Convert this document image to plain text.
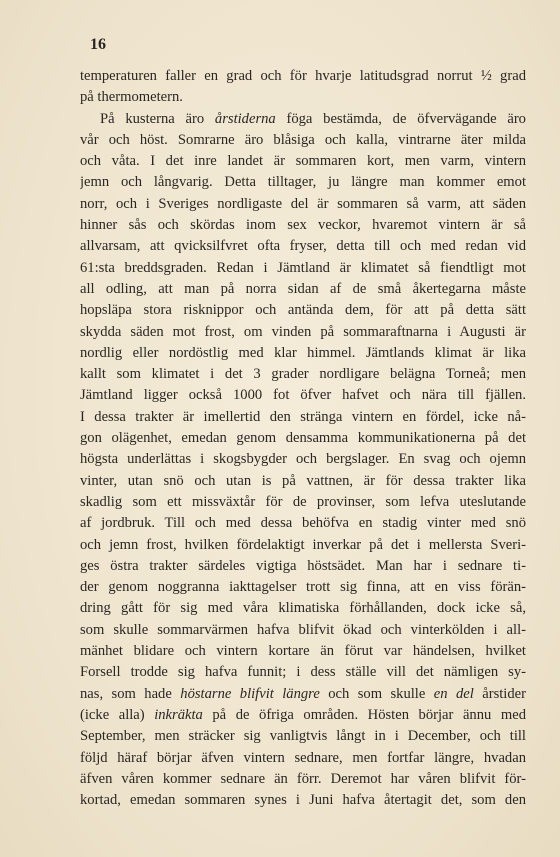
16
temperaturen faller en grad och för hvarje latitudsgrad norrut ½ grad
på thermometern.
På kusterna äro årstiderna föga bestämda, de öfvervägande äro
vår och höst. Somrarne äro blåsiga och kalla, vintrarne äter milda
och våta. I det inre landet är sommaren kort, men varm, vintern
jemn och långvarig. Detta tilltager, ju längre man kommer emot
norr, och i Sveriges nordligaste del är sommaren så varm, att säden
hinner sås och skördas inom sex veckor, hvaremot vintern är så
allvarsam, att qvicksilfvret ofta fryser, detta till och med redan vid
61:sta breddsgraden. Redan i Jämtland är klimatet så fiendtligt mot
all odling, att man på norra sidan af de små åkertegarna måste
hopsläpa stora risknippor och antända dem, för att på detta sätt
skydda säden mot frost, om vinden på sommaraftnarna i Augusti är
nordlig eller nordöstlig med klar himmel. Jämtlands klimat är lika
kallt som klimatet i det 3 grader nordligare belägna Torneå; men
Jämtland ligger också 1000 fot öfver hafvet och nära till fjällen.
I dessa trakter är imellertid den stränga vintern en fördel, icke nå-
gon olägenhet, emedan genom densamma kommunikationerna på det
högsta underlättas i skogsbygder och bergslager. En svag och ojemn
vinter, utan snö och utan is på vattnen, är för dessa trakter lika
skadlig som ett missväxtår för de provinser, som lefva uteslutande
af jordbruk. Till och med dessa behöfva en stadig vinter med snö
och jemn frost, hvilken fördelaktigt inverkar på det i mellersta Sveri-
ges östra trakter särdeles vigtiga höstsädet. Man har i sednare ti-
der genom noggranna iakttagelser trott sig finna, att en viss förän-
dring gått för sig med våra klimatiska förhållanden, dock icke så,
som skulle sommarvärmen hafva blifvit ökad och vinterkölden i all-
mänhet blidare och vintern kortare än förut var händelsen, hvilket
Forsell trodde sig hafva funnit; i dess ställe vill det nämligen sy-
nas, som hade höstarne blifvit längre och som skulle en del årstider
(icke alla) inkräkta på de öfriga områden. Hösten börjar ännu med
September, men sträcker sig vanligtvis långt in i December, och till
följd häraf börjar äfven vintern sednare, men fortfar längre, hvadan
äfven våren kommer sednare än förr. Deremot har våren blifvit för-
kortad, emedan sommaren synes i Juni hafva återtagit det, som den
